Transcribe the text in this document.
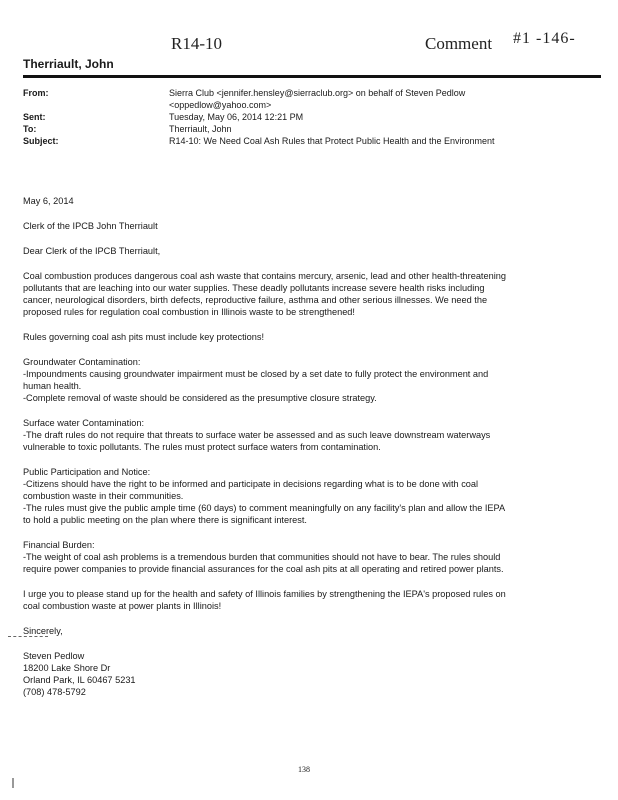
R14-10	Comment #1 -146-
Therriault, John
From:	Sierra Club <jennifer.hensley@sierraclub.org> on behalf of Steven Pedlow
<oppedlow@yahoo.com>
Sent:	Tuesday, May 06, 2014 12:21 PM
To:	Therriault, John
Subject:	R14-10: We Need Coal Ash Rules that Protect Public Health and the Environment

May 6, 2014

Clerk of the IPCB John Therriault

Dear Clerk of the IPCB Therriault,

Coal combustion produces dangerous coal ash waste that contains mercury, arsenic, lead and other health-threatening
pollutants that are leaching into our water supplies. These deadly pollutants increase severe health risks including
cancer, neurological disorders, birth defects, reproductive failure, asthma and other serious illnesses. We need the
proposed rules for regulation coal combustion in Illinois waste to be strengthened!

Rules governing coal ash pits must include key protections!

Groundwater Contamination:
-Impoundments causing groundwater impairment must be closed by a set date to fully protect the environment and
human health.
-Complete removal of waste should be considered as the presumptive closure strategy.

Surface water Contamination:
-The draft rules do not require that threats to surface water be assessed and as such leave downstream waterways
vulnerable to toxic pollutants. The rules must protect surface waters from contamination.

Public Participation and Notice:
-Citizens should have the right to be informed and participate in decisions regarding what is to be done with coal
combustion waste in their communities.
-The rules must give the public ample time (60 days) to comment meaningfully on any facility's plan and allow the IEPA
to hold a public meeting on the plan where there is significant interest.

Financial Burden:
-The weight of coal ash problems is a tremendous burden that communities should not have to bear. The rules should
require power companies to provide financial assurances for the coal ash pits at all operating and retired power plants.

I urge you to please stand up for the health and safety of Illinois families by strengthening the IEPA's proposed rules on
coal combustion waste at power plants in Illinois!

Sincerely,

Steven Pedlow
18200 Lake Shore Dr
Orland Park, IL 60467 5231
(708) 478-5792

138
